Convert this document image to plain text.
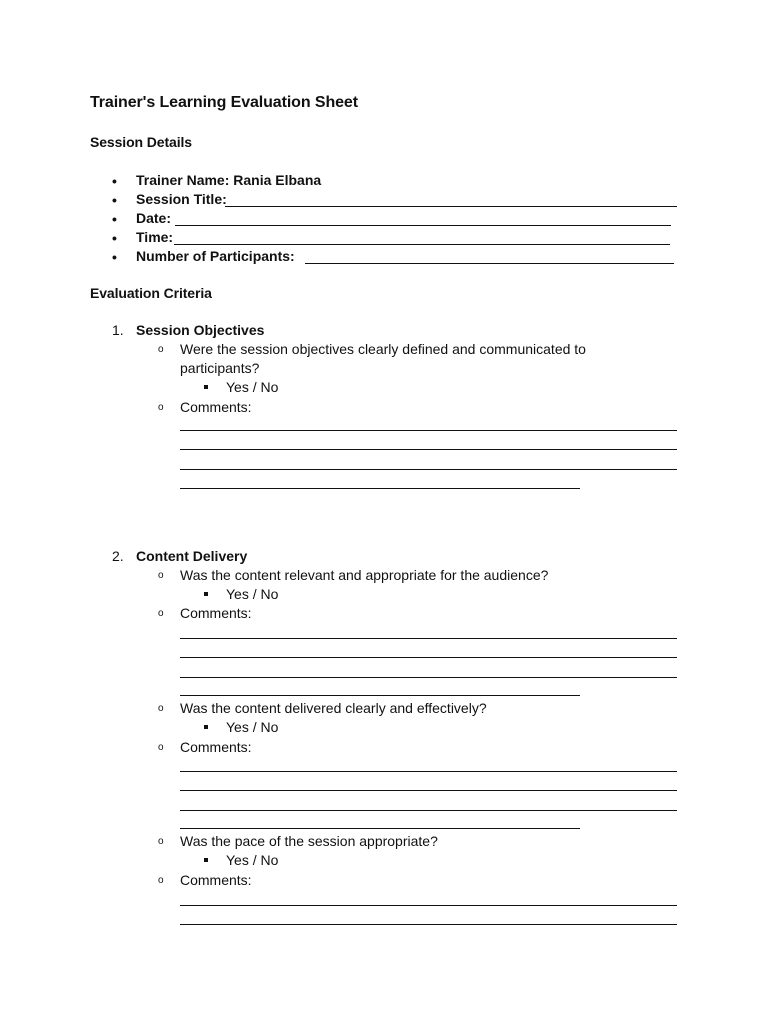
Trainer's Learning Evaluation Sheet
Session Details
• Trainer Name: Rania Elbana
• Session Title:
• Date:
• Time:
• Number of Participants:
Evaluation Criteria
1. Session Objectives
o Were the session objectives clearly defined and communicated to
participants?
Yes / No
o Comments:
2. Content Delivery
o Was the content relevant and appropriate for the audience?
Yes / No
o Comments:
o Was the content delivered clearly and effectively?
Yes / No
o Comments:
o Was the pace of the session appropriate?
Yes / No
o Comments:
